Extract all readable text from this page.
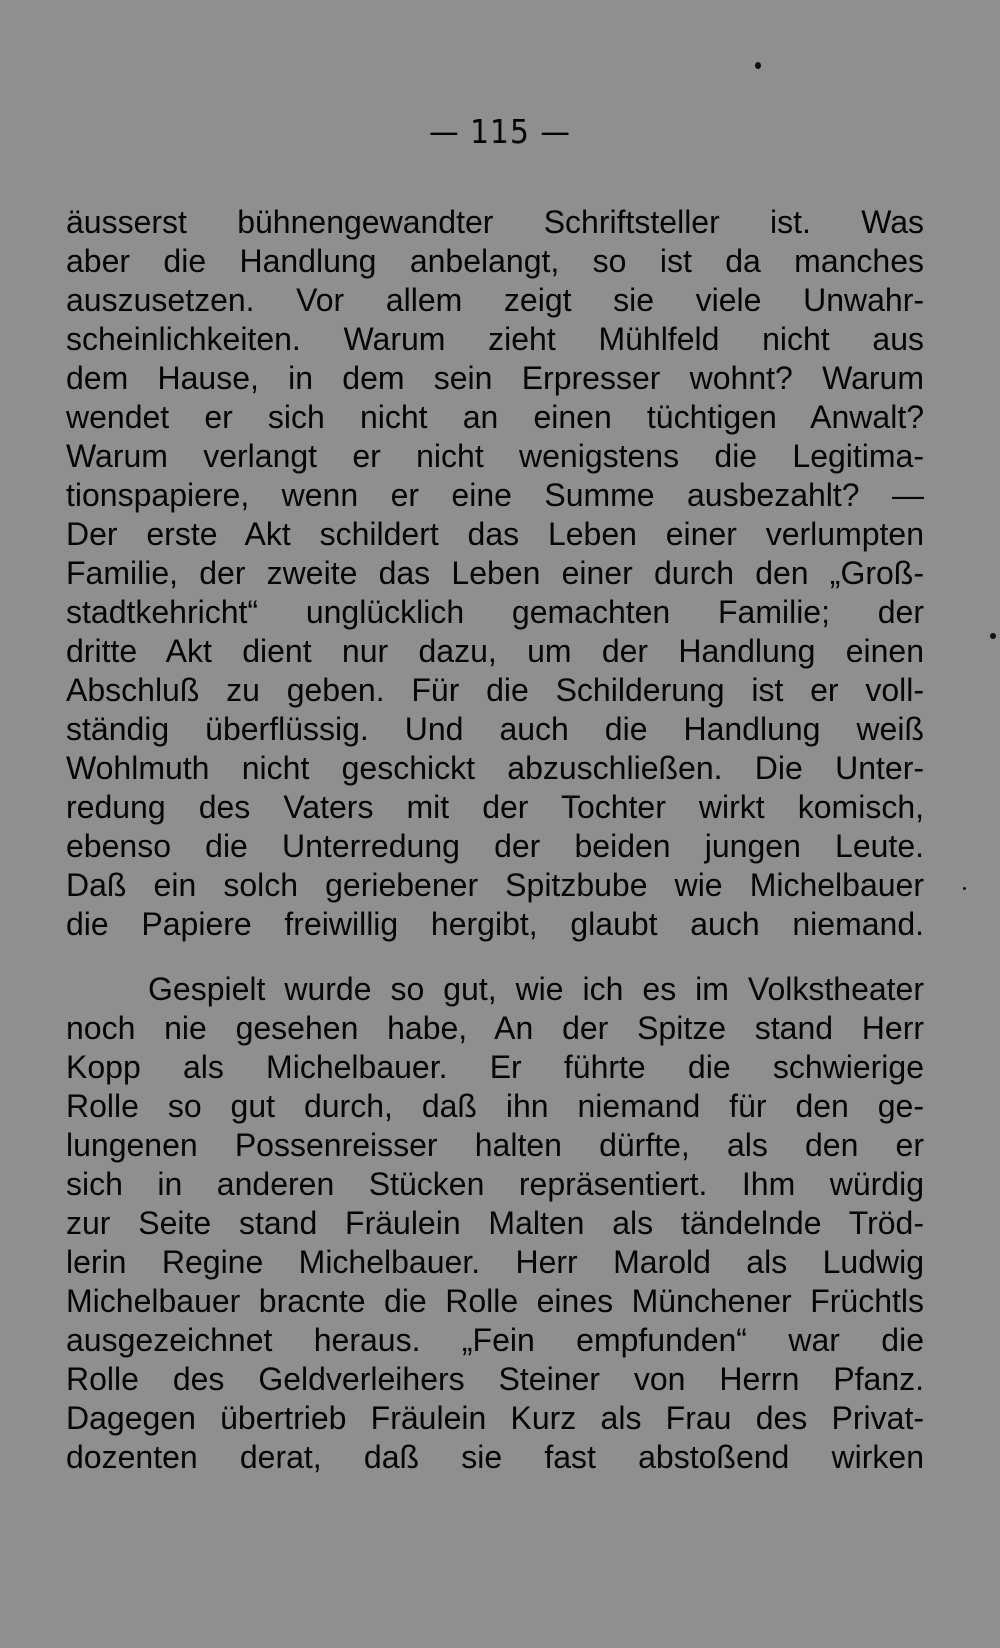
— 115 —
äusserst bühnengewandter Schriftsteller ist. Was
aber die Handlung anbelangt, so ist da manches
auszusetzen. Vor allem zeigt sie viele Unwahr-
scheinlichkeiten. Warum zieht Mühlfeld nicht aus
dem Hause, in dem sein Erpresser wohnt? Warum
wendet er sich nicht an einen tüchtigen Anwalt?
Warum verlangt er nicht wenigstens die Legitima-
tionspapiere, wenn er eine Summe ausbezahlt? —
Der erste Akt schildert das Leben einer verlumpten
Familie, der zweite das Leben einer durch den „Groß-
stadtkehricht“ unglücklich gemachten Familie; der
dritte Akt dient nur dazu, um der Handlung einen
Abschluß zu geben. Für die Schilderung ist er voll-
ständig überflüssig. Und auch die Handlung weiß
Wohlmuth nicht geschickt abzuschließen. Die Unter-
redung des Vaters mit der Tochter wirkt komisch,
ebenso die Unterredung der beiden jungen Leute.
Daß ein solch geriebener Spitzbube wie Michelbauer
die Papiere freiwillig hergibt, glaubt auch niemand.
Gespielt wurde so gut, wie ich es im Volkstheater
noch nie gesehen habe, An der Spitze stand Herr
Kopp als Michelbauer. Er führte die schwierige
Rolle so gut durch, daß ihn niemand für den ge-
lungenen Possenreisser halten dürfte, als den er
sich in anderen Stücken repräsentiert. Ihm würdig
zur Seite stand Fräulein Malten als tändelnde Tröd-
lerin Regine Michelbauer. Herr Marold als Ludwig
Michelbauer bracnte die Rolle eines Münchener Früchtls
ausgezeichnet heraus. „Fein empfunden“ war die
Rolle des Geldverleihers Steiner von Herrn Pfanz.
Dagegen übertrieb Fräulein Kurz als Frau des Privat-
dozenten derat, daß sie fast abstoßend wirken
